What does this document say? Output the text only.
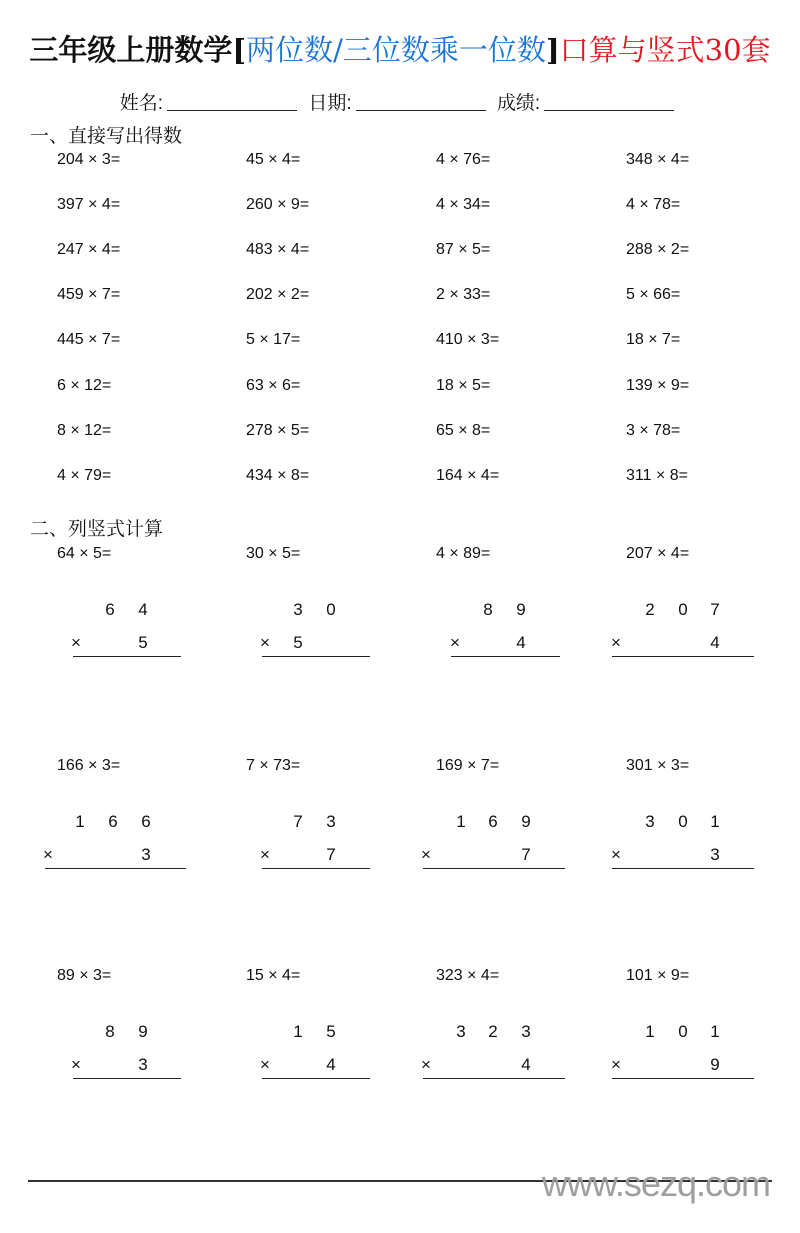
三年级上册数学[两位数/三位数乘一位数]口算与竖式30套
姓名:	日期:	成绩:
一、直接写出得数
204 × 3=	45 × 4=	4 × 76=	348 × 4=
397 × 4=	260 × 9=	4 × 34=	4 × 78=
247 × 4=	483 × 4=	87 × 5=	288 × 2=
459 × 7=	202 × 2=	2 × 33=	5 × 66=
445 × 7=	5 × 17=	410 × 3=	18 × 7=
6 × 12=	63 × 6=	18 × 5=	139 × 9=
8 × 12=	278 × 5=	65 × 8=	3 × 78=
4 × 79=	434 × 8=	164 × 4=	311 × 8=
二、列竖式计算
64 × 5=
6	4
×	5
30 × 5=
3	0
×	5
4 × 89=
8	9
×	4
207 × 4=
2	0	7
×	4
166 × 3=
1	6	6
×	3
7 × 73=
7	3
×	7
169 × 7=
1	6	9
×	7
301 × 3=
3	0	1
×	3
89 × 3=
8	9
×	3
15 × 4=
1	5
×	4
323 × 4=
3	2	3
×	4
101 × 9=
1	0	1
×	9
www.sezq.com
